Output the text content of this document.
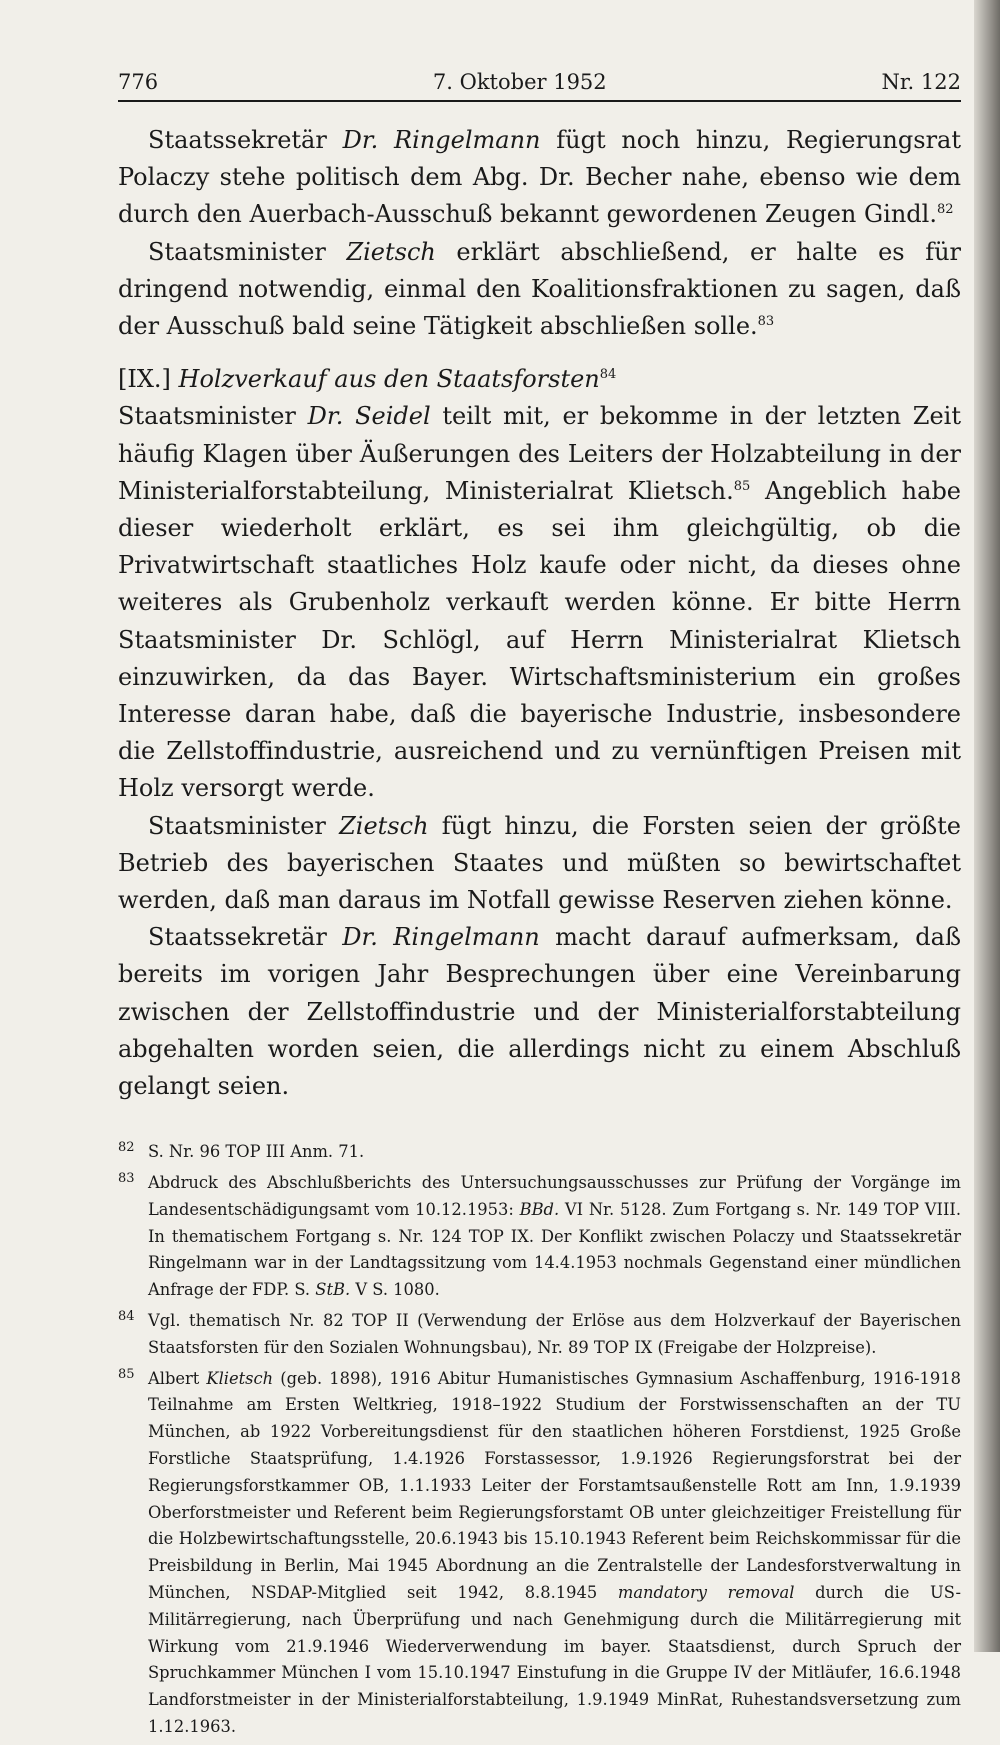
776	7. Oktober 1952	Nr. 122

Staatssekretär Dr. Ringelmann fügt noch hinzu, Regierungsrat Polaczy stehe politisch dem Abg. Dr. Becher nahe, ebenso wie dem durch den Auerbach-Ausschuß bekannt gewordenen Zeugen Gindl.$^{82}$

Staatsminister Zietsch erklärt abschließend, er halte es für dringend notwendig, einmal den Koalitionsfraktionen zu sagen, daß der Ausschuß bald seine Tätigkeit abschließen solle.$^{83}$

[IX.] Holzverkauf aus den Staatsforsten$^{84}$

Staatsminister Dr. Seidel teilt mit, er bekomme in der letzten Zeit häufig Klagen über Äußerungen des Leiters der Holzabteilung in der Ministerialforstabteilung, Ministerialrat Klietsch.$^{85}$ Angeblich habe dieser wiederholt erklärt, es sei ihm gleichgültig, ob die Privatwirtschaft staatliches Holz kaufe oder nicht, da dieses ohne weiteres als Grubenholz verkauft werden könne. Er bitte Herrn Staatsminister Dr. Schlögl, auf Herrn Ministerialrat Klietsch einzuwirken, da das Bayer. Wirtschaftsministerium ein großes Interesse daran habe, daß die bayerische Industrie, insbesondere die Zellstoffindustrie, ausreichend und zu vernünftigen Preisen mit Holz versorgt werde.

Staatsminister Zietsch fügt hinzu, die Forsten seien der größte Betrieb des bayerischen Staates und müßten so bewirtschaftet werden, daß man daraus im Notfall gewisse Reserven ziehen könne.

Staatssekretär Dr. Ringelmann macht darauf aufmerksam, daß bereits im vorigen Jahr Besprechungen über eine Vereinbarung zwischen der Zellstoffindustrie und der Ministerialforstabteilung abgehalten worden seien, die allerdings nicht zu einem Abschluß gelangt seien.

82 S. Nr. 96 TOP III Anm. 71.
83 Abdruck des Abschlußberichts des Untersuchungsausschusses zur Prüfung der Vorgänge im Landesentschädigungsamt vom 10.12.1953: BBd. VI Nr. 5128. Zum Fortgang s. Nr. 149 TOP VIII. In thematischem Fortgang s. Nr. 124 TOP IX. Der Konflikt zwischen Polaczy und Staatssekretär Ringelmann war in der Landtagssitzung vom 14.4.1953 nochmals Gegenstand einer mündlichen Anfrage der FDP. S. StB. V S. 1080.
84 Vgl. thematisch Nr. 82 TOP II (Verwendung der Erlöse aus dem Holzverkauf der Bayerischen Staatsforsten für den Sozialen Wohnungsbau), Nr. 89 TOP IX (Freigabe der Holzpreise).
85 Albert Klietsch (geb. 1898), 1916 Abitur Humanistisches Gymnasium Aschaffenburg, 1916-1918 Teilnahme am Ersten Weltkrieg, 1918–1922 Studium der Forstwissenschaften an der TU München, ab 1922 Vorbereitungsdienst für den staatlichen höheren Forstdienst, 1925 Große Forstliche Staatsprüfung, 1.4.1926 Forstassessor, 1.9.1926 Regierungsforstrat bei der Regierungsforstkammer OB, 1.1.1933 Leiter der Forstamtsaußenstelle Rott am Inn, 1.9.1939 Oberforstmeister und Referent beim Regierungsforstamt OB unter gleichzeitiger Freistellung für die Holzbewirtschaftungsstelle, 20.6.1943 bis 15.10.1943 Referent beim Reichskommissar für die Preisbildung in Berlin, Mai 1945 Abordnung an die Zentralstelle der Landesforstverwaltung in München, NSDAP-Mitglied seit 1942, 8.8.1945 mandatory removal durch die US-Militärregierung, nach Überprüfung und nach Genehmigung durch die Militärregierung mit Wirkung vom 21.9.1946 Wiederverwendung im bayer. Staatsdienst, durch Spruch der Spruchkammer München I vom 15.10.1947 Einstufung in die Gruppe IV der Mitläufer, 16.6.1948 Landforstmeister in der Ministerialforstabteilung, 1.9.1949 MinRat, Ruhestandsversetzung zum 1.12.1963.
